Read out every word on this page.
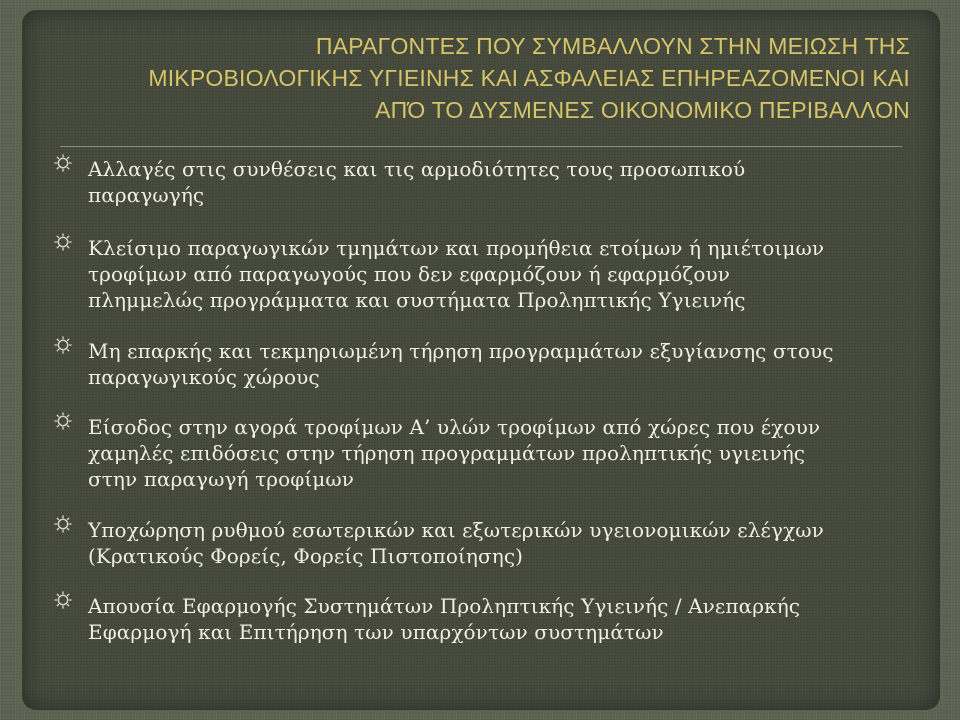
ΠΑΡΑΓΟΝΤΕΣ ΠΟΥ ΣΥΜΒΑΛΛΟΥΝ ΣΤΗΝ ΜΕΙΩΣΗ ΤΗΣ
ΜΙΚΡΟΒΙΟΛΟΓΙΚΗΣ ΥΓΙΕΙΝΗΣ ΚΑΙ ΑΣΦΑΛΕΙΑΣ ΕΠΗΡΕΑΖΟΜΕΝΟΙ ΚΑΙ
ΑΠΌ ΤΟ ΔΥΣΜΕΝΕΣ ΟΙΚΟΝΟΜΙΚΟ ΠΕΡΙΒΑΛΛΟΝ
Αλλαγές στις συνθέσεις και τις αρμοδιότητες τους προσωπικού
παραγωγής
Κλείσιμο παραγωγικών τμημάτων και προμήθεια ετοίμων ή ημιέτοιμων
τροφίμων από παραγωγούς που δεν εφαρμόζουν ή εφαρμόζουν
πλημμελώς προγράμματα και συστήματα Προληπτικής Υγιεινής
Μη επαρκής και τεκμηριωμένη τήρηση προγραμμάτων εξυγίανσης στους
παραγωγικούς χώρους
Είσοδος στην αγορά τροφίμων Α’ υλών τροφίμων από χώρες που έχουν
χαμηλές επιδόσεις στην τήρηση προγραμμάτων προληπτικής υγιεινής
στην παραγωγή τροφίμων
Υποχώρηση ρυθμού εσωτερικών και εξωτερικών υγειονομικών ελέγχων
(Κρατικούς Φορείς, Φορείς Πιστοποίησης)
Απουσία Εφαρμογής Συστημάτων Προληπτικής Υγιεινής / Ανεπαρκής
Εφαρμογή και Επιτήρηση των υπαρχόντων συστημάτων
